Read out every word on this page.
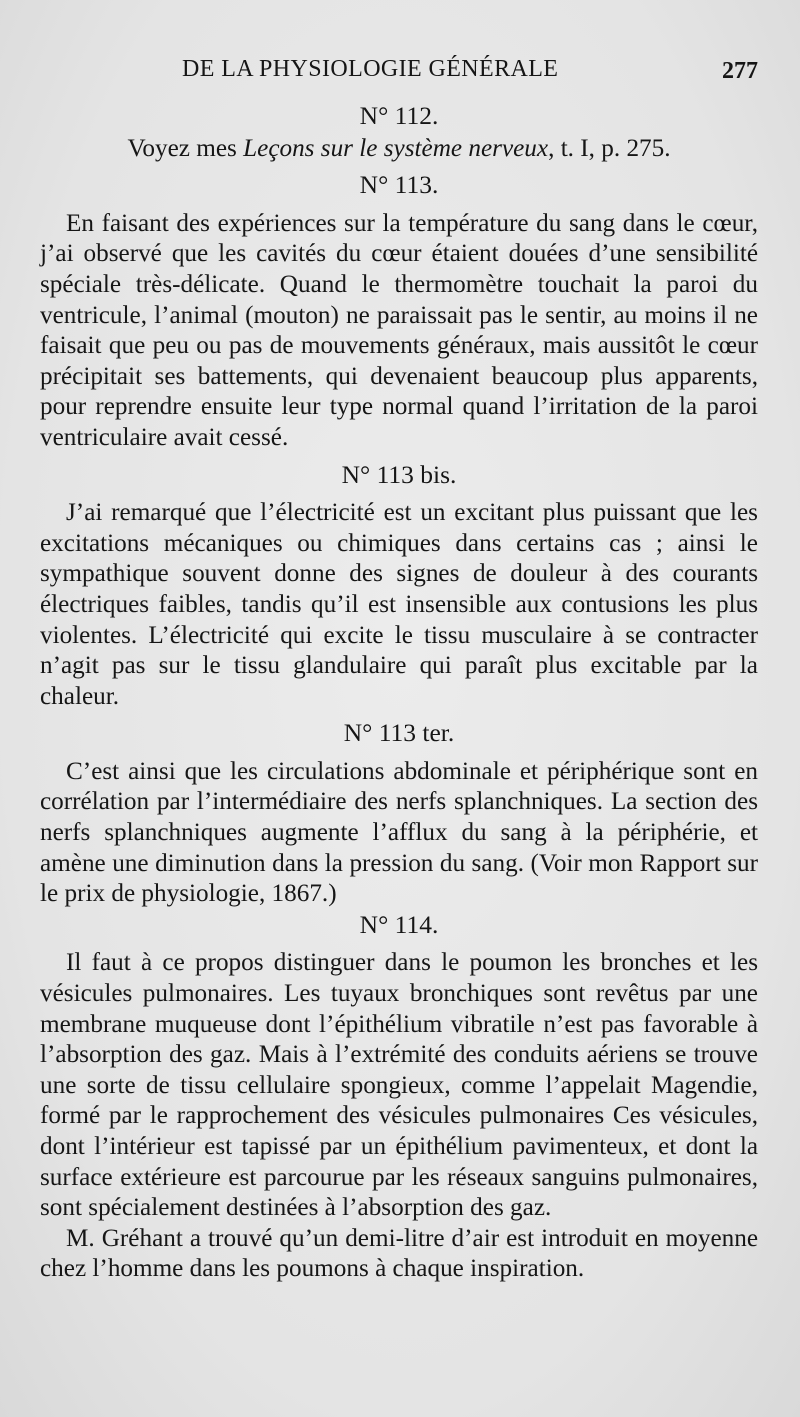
DE LA PHYSIOLOGIE GÉNÉRALE	277

N° 112.

Voyez mes Leçons sur le système nerveux, t. I, p. 275.

N° 113.

En faisant des expériences sur la température du sang dans le cœur, j’ai observé que les cavités du cœur étaient douées d’une sensibilité spéciale très-délicate. Quand le thermomètre touchait la paroi du ventricule, l’animal (mouton) ne paraissait pas le sentir, au moins il ne faisait que peu ou pas de mouvements généraux, mais aussitôt le cœur précipitait ses battements, qui devenaient beaucoup plus apparents, pour reprendre ensuite leur type normal quand l’irritation de la paroi ventriculaire avait cessé.

N° 113 bis.

J’ai remarqué que l’électricité est un excitant plus puissant que les excitations mécaniques ou chimiques dans certains cas ; ainsi le sympathique souvent donne des signes de douleur à des courants électriques faibles, tandis qu’il est insensible aux contusions les plus violentes. L’électricité qui excite le tissu musculaire à se contracter n’agit pas sur le tissu glandulaire qui paraît plus excitable par la chaleur.

N° 113 ter.

C’est ainsi que les circulations abdominale et périphérique sont en corrélation par l’intermédiaire des nerfs splanchniques. La section des nerfs splanchniques augmente l’afflux du sang à la périphérie, et amène une diminution dans la pression du sang. (Voir mon Rapport sur le prix de physiologie, 1867.)

N° 114.

Il faut à ce propos distinguer dans le poumon les bronches et les vésicules pulmonaires. Les tuyaux bronchiques sont revêtus par une membrane muqueuse dont l’épithélium vibratile n’est pas favorable à l’absorption des gaz. Mais à l’extrémité des conduits aériens se trouve une sorte de tissu cellulaire spongieux, comme l’appelait Magendie, formé par le rapprochement des vésicules pulmonaires Ces vésicules, dont l’intérieur est tapissé par un épithélium pavimenteux, et dont la surface extérieure est parcourue par les réseaux sanguins pulmonaires, sont spécialement destinées à l’absorption des gaz.

M. Gréhant a trouvé qu’un demi-litre d’air est introduit en moyenne chez l’homme dans les poumons à chaque inspiration.
